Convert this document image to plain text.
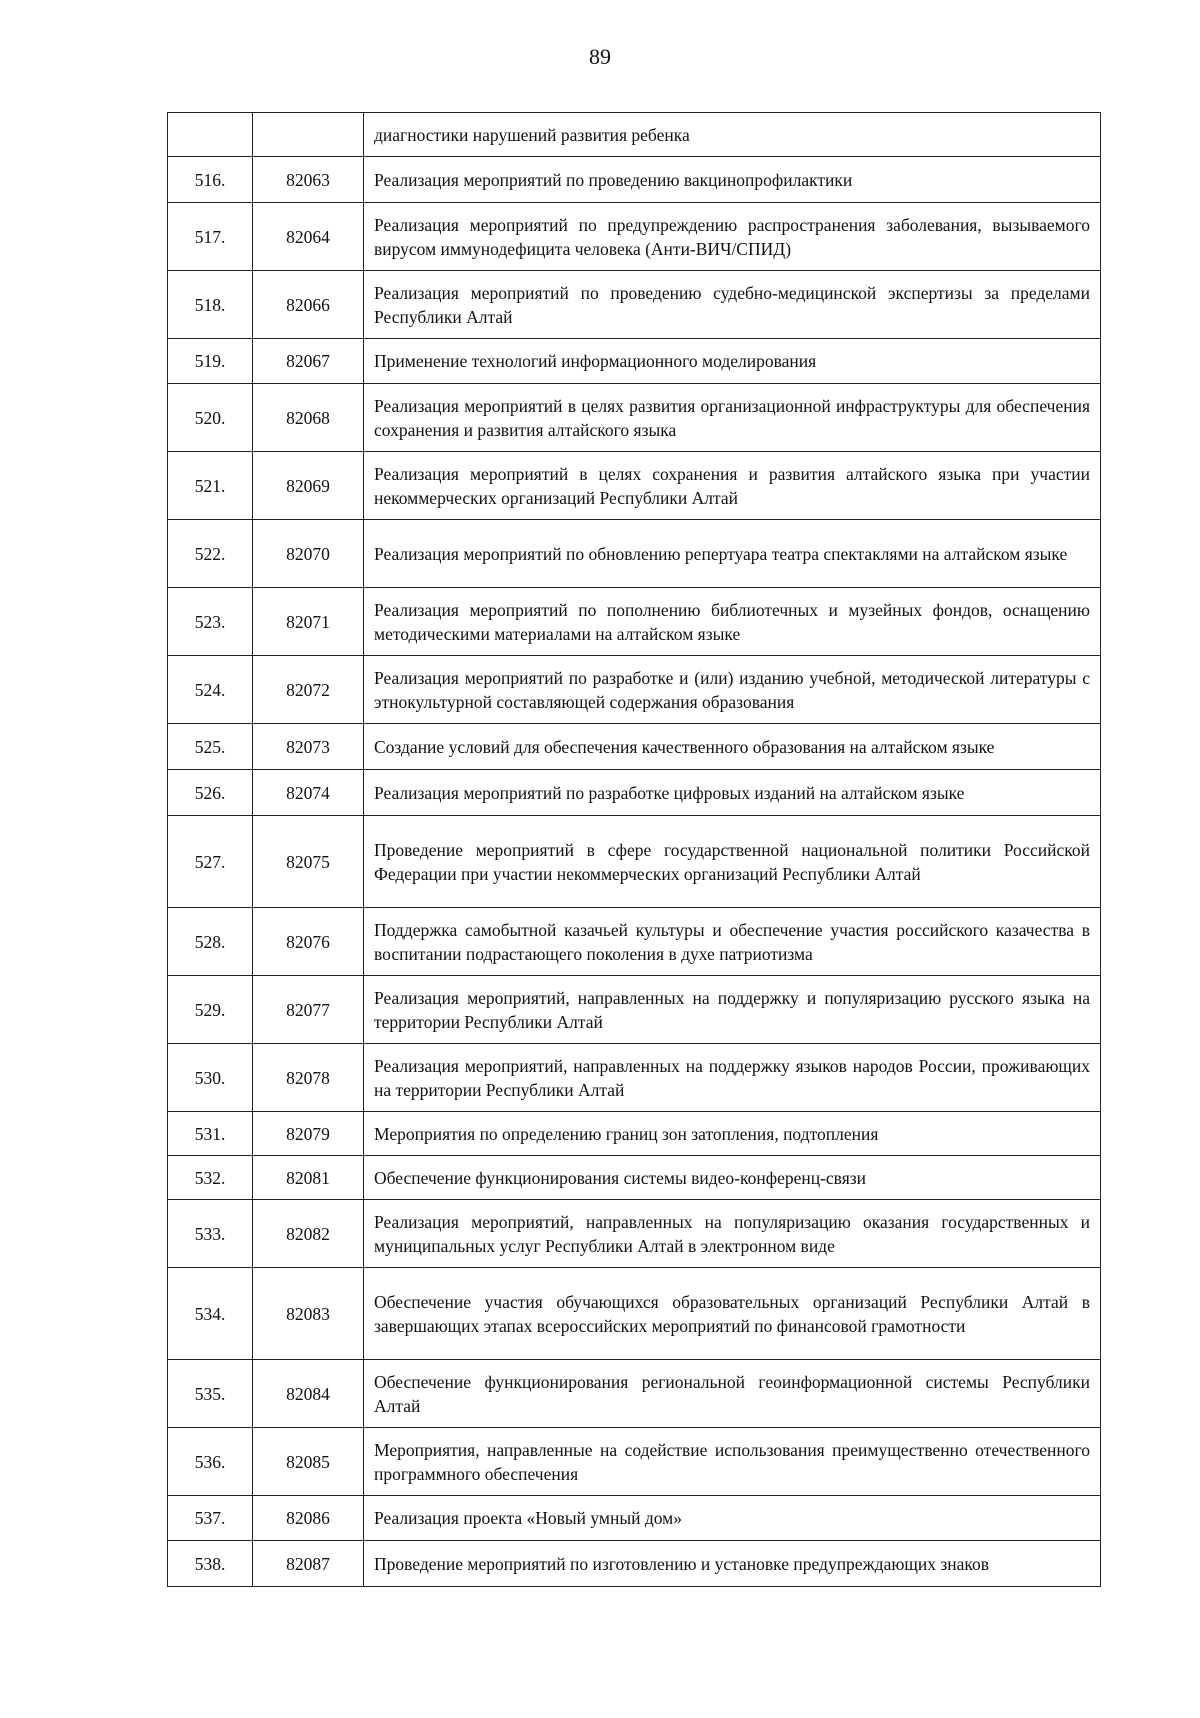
89
		диагностики нарушений развития ребенка
516.	82063	Реализация мероприятий по проведению вакцинопрофилактики
517.	82064	Реализация мероприятий по предупреждению распространения заболевания, вызываемого вирусом иммунодефицита человека (Анти-ВИЧ/СПИД)
518.	82066	Реализация мероприятий по проведению судебно-медицинской экспертизы за пределами Республики Алтай
519.	82067	Применение технологий информационного моделирования
520.	82068	Реализация мероприятий в целях развития организационной инфраструктуры для обеспечения сохранения и развития алтайского языка
521.	82069	Реализация мероприятий в целях сохранения и развития алтайского языка при участии некоммерческих организаций Республики Алтай
522.	82070	Реализация мероприятий по обновлению репертуара театра спектаклями на алтайском языке
523.	82071	Реализация мероприятий по пополнению библиотечных и музейных фондов, оснащению методическими материалами на алтайском языке
524.	82072	Реализация мероприятий по разработке и (или) изданию учебной, методической литературы с этнокультурной составляющей содержания образования
525.	82073	Создание условий для обеспечения качественного образования на алтайском языке
526.	82074	Реализация мероприятий по разработке цифровых изданий на алтайском языке
527.	82075	Проведение мероприятий в сфере государственной национальной политики Российской Федерации при участии некоммерческих организаций Республики Алтай
528.	82076	Поддержка самобытной казачьей культуры и обеспечение участия российского казачества в воспитании подрастающего поколения в духе патриотизма
529.	82077	Реализация мероприятий, направленных на поддержку и популяризацию русского языка на территории Республики Алтай
530.	82078	Реализация мероприятий, направленных на поддержку языков народов России, проживающих на территории Республики Алтай
531.	82079	Мероприятия по определению границ зон затопления, подтопления
532.	82081	Обеспечение функционирования системы видео-конференц-связи
533.	82082	Реализация мероприятий, направленных на популяризацию оказания государственных и муниципальных услуг Республики Алтай в электронном виде
534.	82083	Обеспечение участия обучающихся образовательных организаций Республики Алтай в завершающих этапах всероссийских мероприятий по финансовой грамотности
535.	82084	Обеспечение функционирования региональной геоинформационной системы Республики Алтай
536.	82085	Мероприятия, направленные на содействие использования преимущественно отечественного программного обеспечения
537.	82086	Реализация проекта «Новый умный дом»
538.	82087	Проведение мероприятий по изготовлению и установке предупреждающих знаков
